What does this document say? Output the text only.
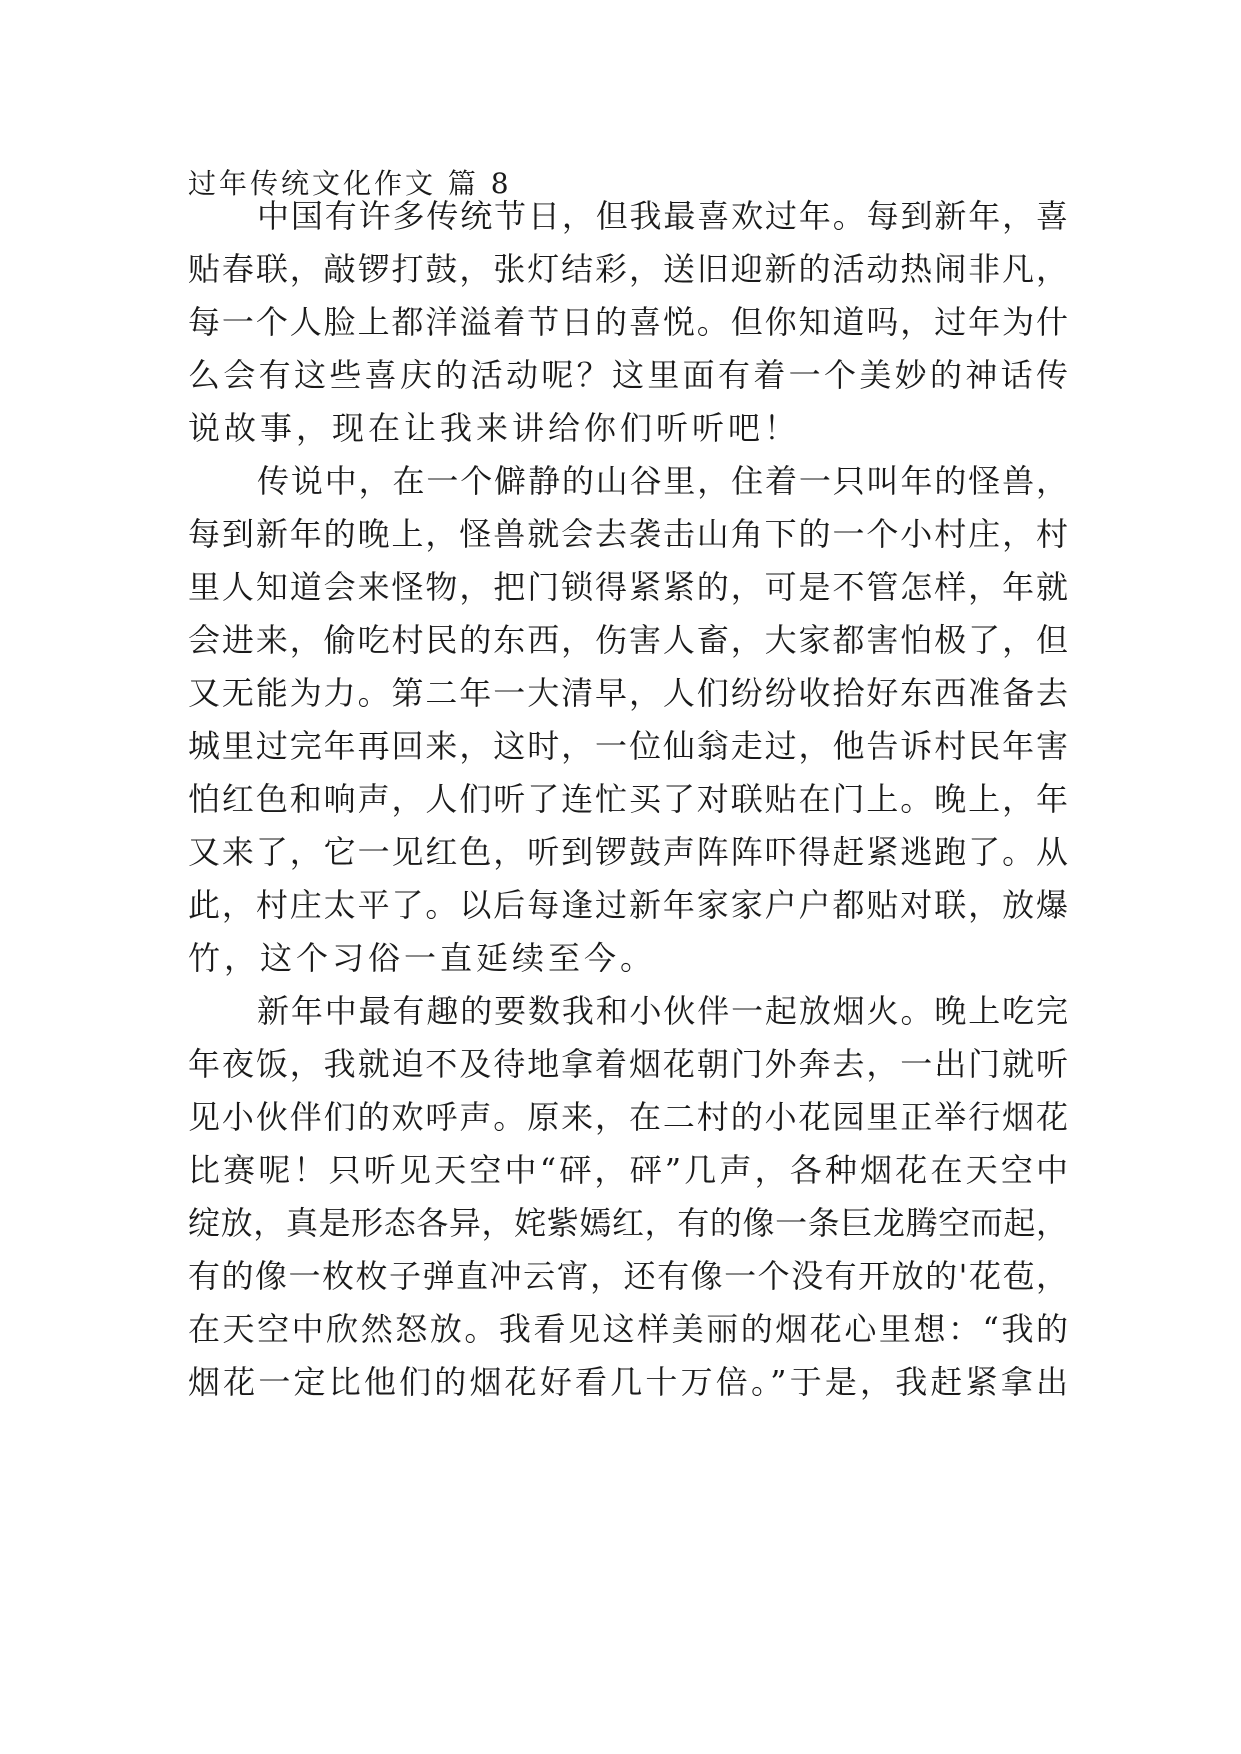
过年传统文化作文 篇 8
中国有许多传统节日，但我最喜欢过年。每到新年，喜
贴春联，敲锣打鼓，张灯结彩，送旧迎新的活动热闹非凡，
每一个人脸上都洋溢着节日的喜悦。但你知道吗，过年为什
么会有这些喜庆的活动呢？这里面有着一个美妙的神话传
说故事，现在让我来讲给你们听听吧！
传说中，在一个僻静的山谷里，住着一只叫年的怪兽，
每到新年的晚上，怪兽就会去袭击山角下的一个小村庄，村
里人知道会来怪物，把门锁得紧紧的，可是不管怎样，年就
会进来，偷吃村民的东西，伤害人畜，大家都害怕极了，但
又无能为力。第二年一大清早，人们纷纷收拾好东西准备去
城里过完年再回来，这时，一位仙翁走过，他告诉村民年害
怕红色和响声，人们听了连忙买了对联贴在门上。晚上，年
又来了，它一见红色，听到锣鼓声阵阵吓得赶紧逃跑了。从
此，村庄太平了。以后每逢过新年家家户户都贴对联，放爆
竹，这个习俗一直延续至今。
新年中最有趣的要数我和小伙伴一起放烟火。晚上吃完
年夜饭，我就迫不及待地拿着烟花朝门外奔去，一出门就听
见小伙伴们的欢呼声。原来，在二村的小花园里正举行烟花
比赛呢！只听见天空中“砰，砰”几声，各种烟花在天空中
绽放，真是形态各异，姹紫嫣红，有的像一条巨龙腾空而起，
有的像一枚枚子弹直冲云宵，还有像一个没有开放的'花苞，
在天空中欣然怒放。我看见这样美丽的烟花心里想：“我的
烟花一定比他们的烟花好看几十万倍。”于是，我赶紧拿出
